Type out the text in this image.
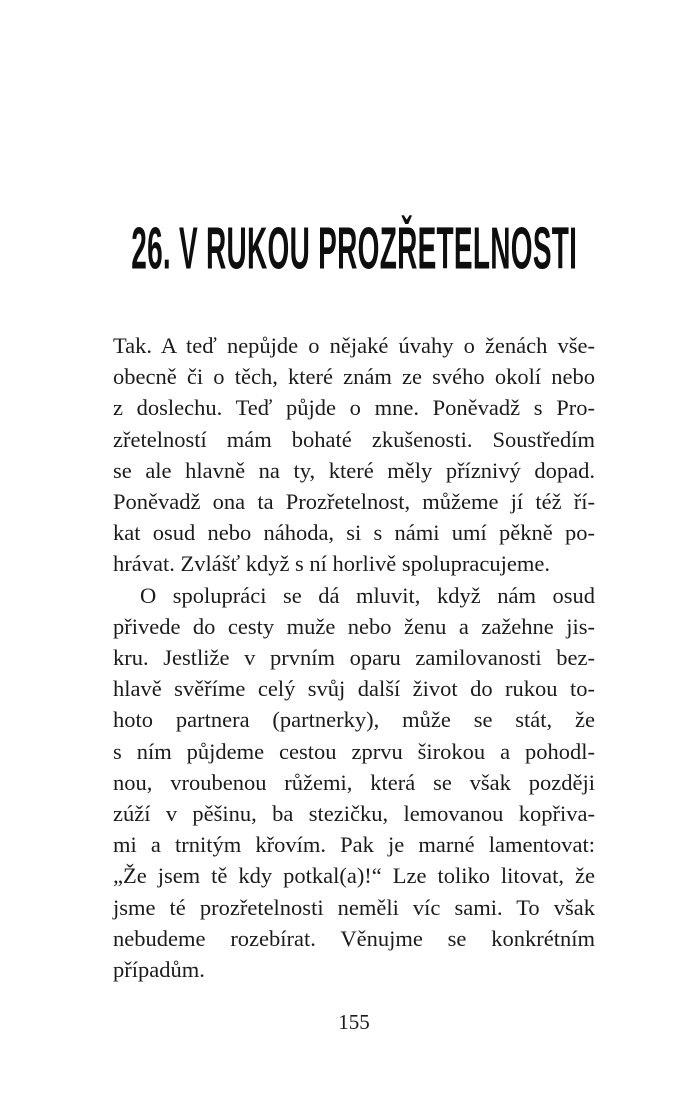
26. V RUKOU PROZŘETELNOSTI
Tak. A teď nepůjde o nějaké úvahy o ženách vše-
obecně či o těch, které znám ze svého okolí nebo
z doslechu. Teď půjde o mne. Poněvadž s Pro-
zřetelností mám bohaté zkušenosti. Soustředím
se ale hlavně na ty, které měly příznivý dopad.
Poněvadž ona ta Prozřetelnost, můžeme jí též ří-
kat osud nebo náhoda, si s námi umí pěkně po-
hrávat. Zvlášť když s ní horlivě spolupracujeme.
O spolupráci se dá mluvit, když nám osud
přivede do cesty muže nebo ženu a zažehne jis-
kru. Jestliže v prvním oparu zamilovanosti bez-
hlavě svěříme celý svůj další život do rukou to-
hoto partnera (partnerky), může se stát, že
s ním půjdeme cestou zprvu širokou a pohodl-
nou, vroubenou růžemi, která se však později
zúží v pěšinu, ba stezičku, lemovanou kopřiva-
mi a trnitým křovím. Pak je marné lamentovat:
„Že jsem tě kdy potkal(a)!“ Lze toliko litovat, že
jsme té prozřetelnosti neměli víc sami. To však
nebudeme rozebírat. Věnujme se konkrétním
případům.
155
